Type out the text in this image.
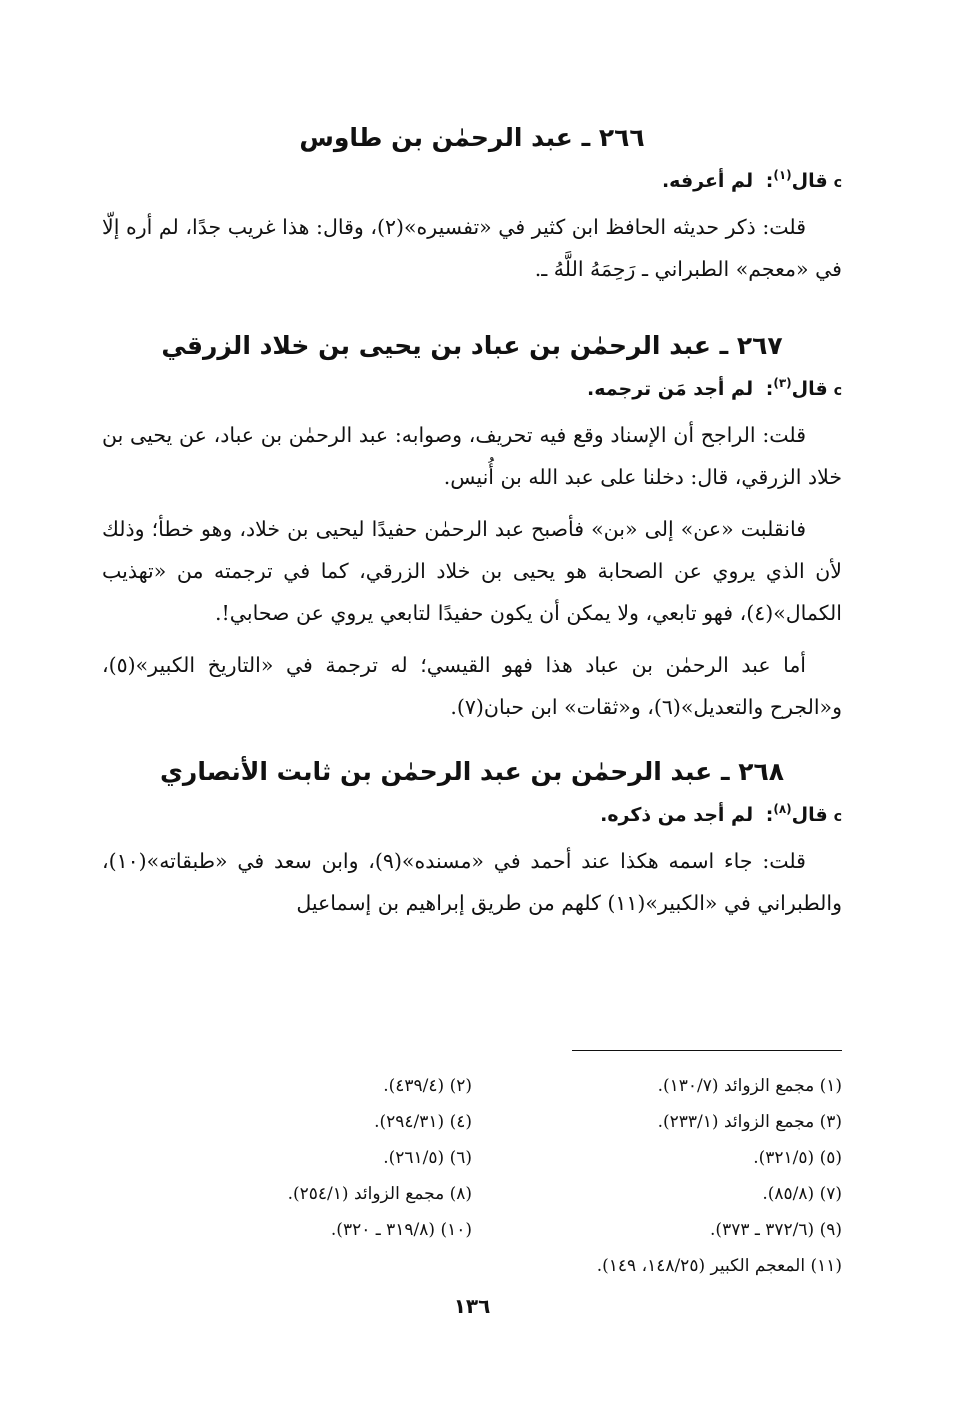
٢٦٦ ـ عبد الرحمٰن بن طاوس
c
قال
(١)
:

لم أعرفه.

قلت: ذكر حديثه الحافظ ابن كثير في «تفسيره»(٢)، وقال: هذا غريب جدًا، لم أره إلّا في «معجم» الطبراني ـ رَحِمَهُ اللَّهُ ـ.

٢٦٧ ـ عبد الرحمٰن بن عباد بن يحيى بن خلاد الزرقي
c
قال
(٣)
:

لم أجد مَن ترجمه.

قلت: الراجح أن الإسناد وقع فيه تحريف، وصوابه: عبد الرحمٰن بن عباد، عن يحيى بن خلاد الزرقي، قال: دخلنا على عبد الله بن أُنيس.

فانقلبت «عن» إلى «بن» فأصبح عبد الرحمٰن حفيدًا ليحيى بن خلاد، وهو خطأ؛ وذلك لأن الذي يروي عن الصحابة هو يحيى بن خلاد الزرقي، كما في ترجمته من «تهذيب الكمال»(٤)، فهو تابعي، ولا يمكن أن يكون حفيدًا لتابعي يروي عن صحابي!.

أما عبد الرحمٰن بن عباد هذا فهو القيسي؛ له ترجمة في «التاريخ الكبير»(٥)، و«الجرح والتعديل»(٦)، و«ثقات» ابن حبان(٧).

٢٦٨ ـ عبد الرحمٰن بن عبد الرحمٰن بن ثابت الأنصاري
c
قال
(٨)
:

لم أجد من ذكره.

قلت: جاء اسمه هكذا عند أحمد في «مسنده»(٩)، وابن سعد في «طبقاته»(١٠)، والطبراني في «الكبير»(١١) كلهم من طريق إبراهيم بن إسماعيل

(١) مجمع الزوائد (١٣٠/٧).
(٢) (٤٣٩/٤).
(٣) مجمع الزوائد (٢٣٣/١).
(٤) (٢٩٤/٣١).
(٥) (٣٢١/٥).
(٦) (٢٦١/٥).
(٧) (٨٥/٨).
(٨) مجمع الزوائد (٢٥٤/١).
(٩) (٣٧٢/٦ ـ ٣٧٣).
(١٠) (٣١٩/٨ ـ ٣٢٠).
(١١) المعجم الكبير (١٤٨/٢٥، ١٤٩).
١٣٦
